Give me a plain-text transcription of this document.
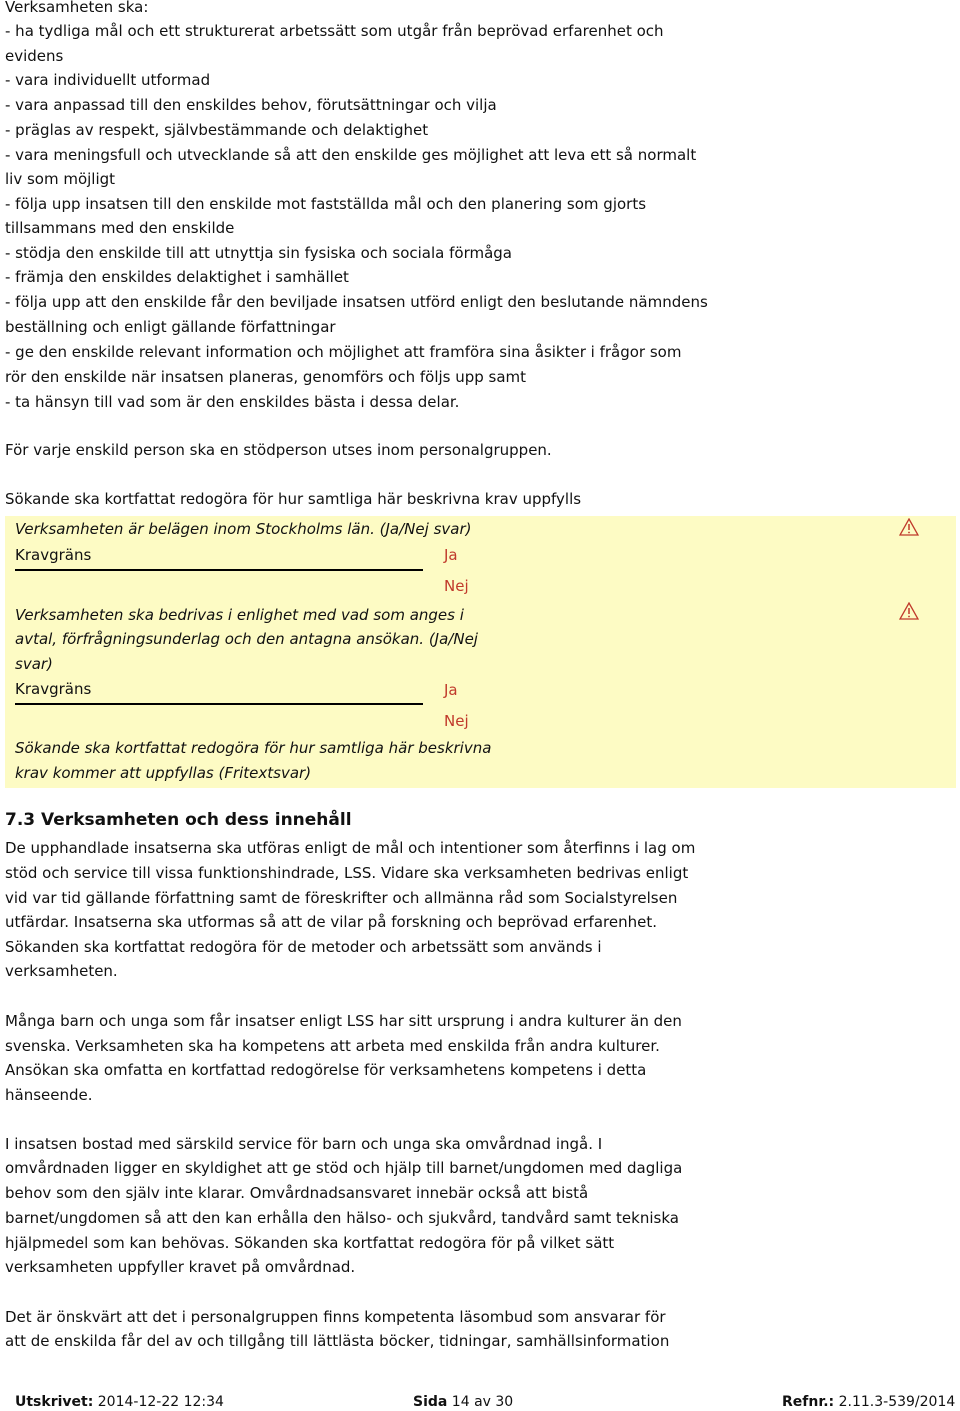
Verksamheten ska:
- ha tydliga mål och ett strukturerat arbetssätt som utgår från beprövad erfarenhet och
evidens
- vara individuellt utformad
- vara anpassad till den enskildes behov, förutsättningar och vilja
- präglas av respekt, självbestämmande och delaktighet
- vara meningsfull och utvecklande så att den enskilde ges möjlighet att leva ett så normalt
liv som möjligt
- följa upp insatsen till den enskilde mot fastställda mål och den planering som gjorts
tillsammans med den enskilde
- stödja den enskilde till att utnyttja sin fysiska och sociala förmåga
- främja den enskildes delaktighet i samhället
- följa upp att den enskilde får den beviljade insatsen utförd enligt den beslutande nämndens
beställning och enligt gällande författningar
- ge den enskilde relevant information och möjlighet att framföra sina åsikter i frågor som
rör den enskilde när insatsen planeras, genomförs och följs upp samt
- ta hänsyn till vad som är den enskildes bästa i dessa delar.
För varje enskild person ska en stödperson utses inom personalgruppen.
Sökande ska kortfattat redogöra för hur samtliga här beskrivna krav uppfylls
Verksamheten är belägen inom Stockholms län. (Ja/Nej svar)
Kravgräns	Ja
Nej
Verksamheten ska bedrivas i enlighet med vad som anges i
avtal, förfrågningsunderlag och den antagna ansökan. (Ja/Nej
svar)
Kravgräns	Ja
Nej
Sökande ska kortfattat redogöra för hur samtliga här beskrivna
krav kommer att uppfyllas (Fritextsvar)
7.3 Verksamheten och dess innehåll
De upphandlade insatserna ska utföras enligt de mål och intentioner som återfinns i lag om
stöd och service till vissa funktionshindrade, LSS. Vidare ska verksamheten bedrivas enligt
vid var tid gällande författning samt de föreskrifter och allmänna råd som Socialstyrelsen
utfärdar. Insatserna ska utformas så att de vilar på forskning och beprövad erfarenhet.
Sökanden ska kortfattat redogöra för de metoder och arbetssätt som används i
verksamheten.
Många barn och unga som får insatser enligt LSS har sitt ursprung i andra kulturer än den
svenska. Verksamheten ska ha kompetens att arbeta med enskilda från andra kulturer.
Ansökan ska omfatta en kortfattad redogörelse för verksamhetens kompetens i detta
hänseende.
I insatsen bostad med särskild service för barn och unga ska omvårdnad ingå. I
omvårdnaden ligger en skyldighet att ge stöd och hjälp till barnet/ungdomen med dagliga
behov som den själv inte klarar. Omvårdnadsansvaret innebär också att bistå
barnet/ungdomen så att den kan erhålla den hälso- och sjukvård, tandvård samt tekniska
hjälpmedel som kan behövas. Sökanden ska kortfattat redogöra för på vilket sätt
verksamheten uppfyller kravet på omvårdnad.
Det är önskvärt att det i personalgruppen finns kompetenta läsombud som ansvarar för
att de enskilda får del av och tillgång till lättlästa böcker, tidningar, samhällsinformation
Utskrivet: 2014-12-22 12:34	Sida 14 av 30	Refnr.: 2.11.3-539/2014
